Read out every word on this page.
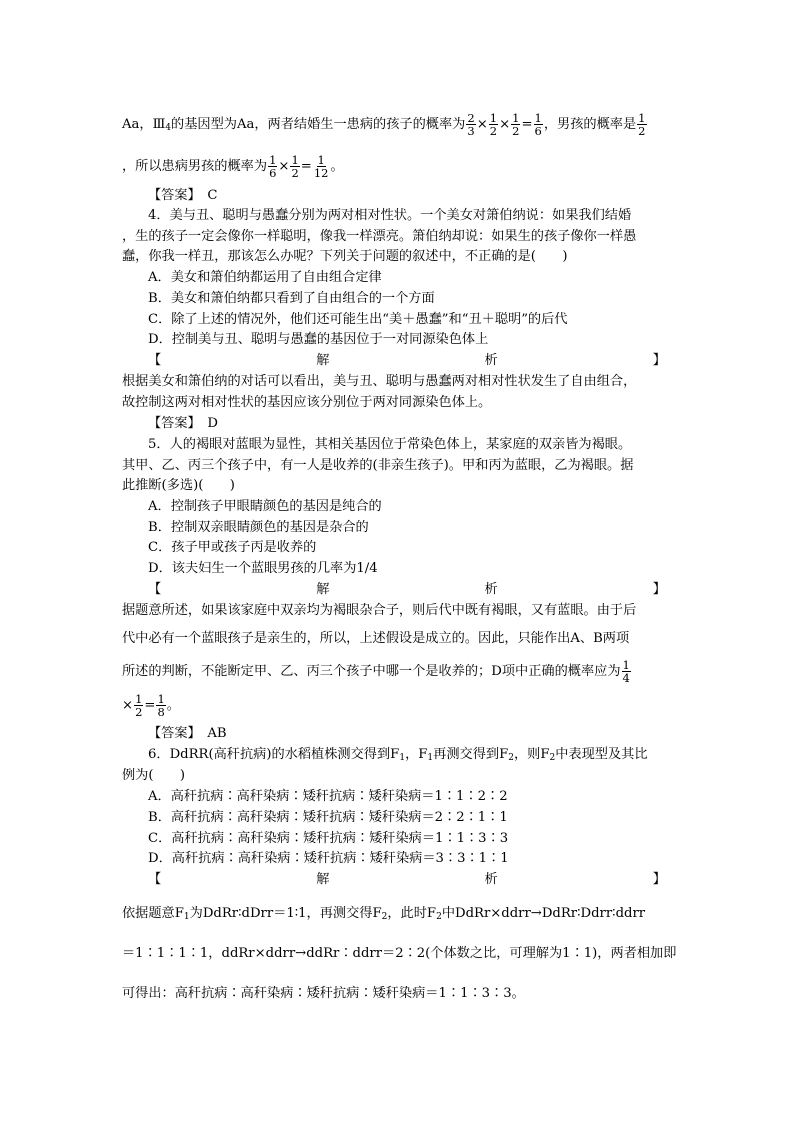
Aa，$Ⅲ_4$的基因型为Aa，两者结婚生一患病的孩子的概率为 $\frac{2}{3} \times \frac{1}{2} \times \frac{1}{2} = \frac{1}{6}$ ，男孩的概率是 $\frac{1}{2}$
，所以患病男孩的概率为 $\frac{1}{6} \times \frac{1}{2} = \frac{1}{12}$ 。
【答案】　 C
4．美与丑、聪明与愚蠢分别为两对相对性状。一个美女对箫伯纳说：如果我们结婚
，生的孩子一定会像你一样聪明，像我一样漂亮。箫伯纳却说：如果生的孩子像你一样愚
蠢，你我一样丑，那该怎么办呢？下列关于问题的叙述中，不正确的是(　　)
A．美女和箫伯纳都运用了自由组合定律
B．美女和箫伯纳都只看到了自由组合的一个方面
C．除了上述的情况外，他们还可能生出“美＋愚蠢”和“丑＋聪明”的后代
D．控制美与丑、聪明与愚蠢的基因位于一对同源染色体上
【	解	析	】
根据美女和箫伯纳的对话可以看出，美与丑、聪明与愚蠢两对相对性状发生了自由组合，
故控制这两对相对性状的基因应该分别位于两对同源染色体上。
【答案】　 D
5．人的褐眼对蓝眼为显性，其相关基因位于常染色体上，某家庭的双亲皆为褐眼。
其甲、乙、丙三个孩子中，有一人是收养的(非亲生孩子)。甲和丙为蓝眼，乙为褐眼。据
此推断(多选)(　　)
A．控制孩子甲眼睛颜色的基因是纯合的
B．控制双亲眼睛颜色的基因是杂合的
C．孩子甲或孩子丙是收养的
D．该夫妇生一个蓝眼男孩的几率为1/4
【	解	析	】
据题意所述，如果该家庭中双亲均为褐眼杂合子，则后代中既有褐眼，又有蓝眼。由于后
代中必有一个蓝眼孩子是亲生的，所以，上述假设是成立的。因此，只能作出A、B两项
所述的判断，不能断定甲、乙、丙三个孩子中哪一个是收养的；D项中正确的概率应为 $\frac{1}{4}$
× $\frac{1}{2} = \frac{1}{8}$ 。
【答案】　 AB
6．DdRR(高秆抗病)的水稻植株测交得到$F_1$，$F_1$再测交得到$F_2$，则$F_2$中表现型及其比
例为(　　)
A．高秆抗病∶高秆染病∶矮秆抗病∶矮秆染病＝1∶1∶2∶2
B．高秆抗病∶高秆染病∶矮秆抗病∶矮秆染病＝2∶2∶1∶1
C．高秆抗病∶高秆染病∶矮秆抗病∶矮秆染病＝1∶1∶3∶3
D．高秆抗病∶高秆染病∶矮秆抗病∶矮秆染病＝3∶3∶1∶1
【	解	析	】
依据题意$F_1$为DdRr∶dDrr＝1∶1，再测交得$F_2$，此时$F_2$中DdRr×ddrr→DdRr∶Ddrr∶ddrr
＝1∶1∶1∶1，ddRr×ddrr→ddRr∶ddrr＝2∶2(个体数之比，可理解为1∶1)，两者相加即
可得出：高秆抗病∶高秆染病∶矮秆抗病∶矮秆染病＝1∶1∶3∶3。
